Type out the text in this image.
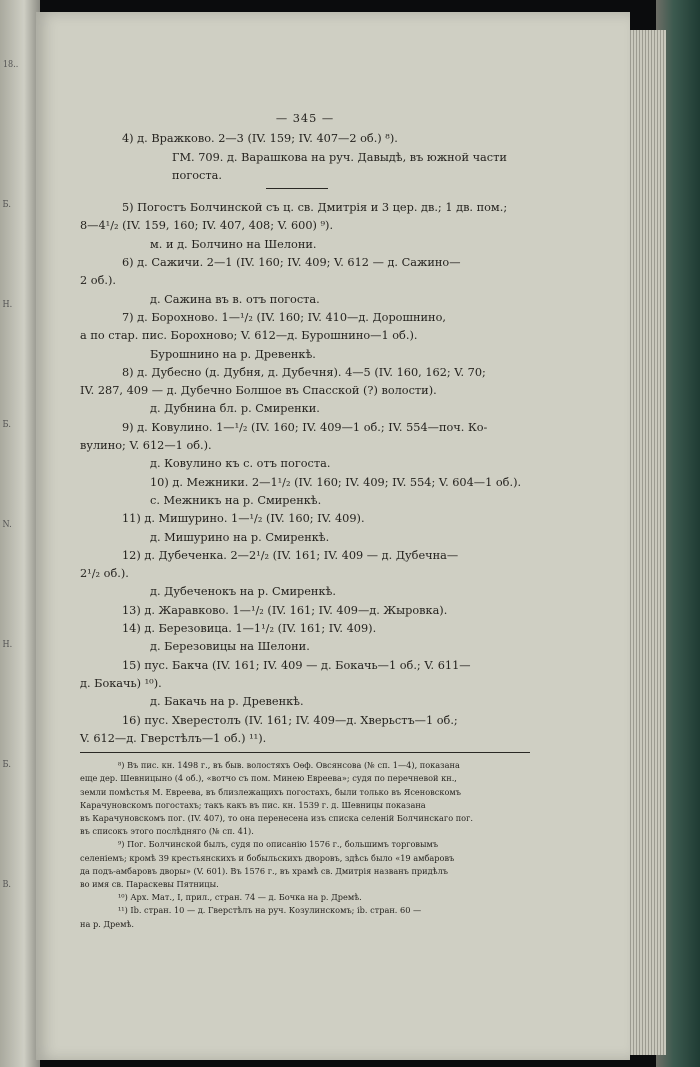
18..
Б.
Н.
Б.
N.
Н.
Б.
В.
— 345 —
4) д. Вражково. 2—3 (IV. 159; IV. 407—2 об.) ⁸).
ГМ. 709. д. Варашкова на руч. Давыдѣ, въ южной части
погоста.
5) Погостъ Болчинской съ ц. св. Дмитрія и 3 цер. дв.; 1 дв. пом.;
8—4¹/₂ (IV. 159, 160; IV. 407, 408; V. 600) ⁹).
м. и д. Болчино на Шелони.
6) д. Сажичи. 2—1 (IV. 160; IV. 409; V. 612 — д. Сажино—
2 об.).
д. Сажина въ в. отъ погоста.
7) д. Борохново. 1—¹/₂ (IV. 160; IV. 410—д. Дорошнино,
а по стар. пис. Борохново; V. 612—д. Бурошнино—1 об.).
Бурошнино на р. Древенкѣ.
8) д. Дубесно (д. Дубня, д. Дубечня). 4—5 (IV. 160, 162; V. 70;
IV. 287, 409 — д. Дубечно Болшое въ Спасской (?) волости).
д. Дубнина бл. р. Смиренки.
9) д. Ковулино. 1—¹/₂ (IV. 160; IV. 409—1 об.; IV. 554—поч. Ко-
вулино; V. 612—1 об.).
д. Ковулино къ с. отъ погоста.
10) д. Межники. 2—1¹/₂ (IV. 160; IV. 409; IV. 554; V. 604—1 об.).
с. Межникъ на р. Смиренкѣ.
11) д. Мишурино. 1—¹/₂ (IV. 160; IV. 409).
д. Мишурино на р. Смиренкѣ.
12) д. Дубеченка. 2—2¹/₂ (IV. 161; IV. 409 — д. Дубечна—
2¹/₂ об.).
д. Дубеченокъ на р. Смиренкѣ.
13) д. Жаравково. 1—¹/₂ (IV. 161; IV. 409—д. Жыровка).
14) д. Березовица. 1—1¹/₂ (IV. 161; IV. 409).
д. Березовицы на Шелони.
15) пус. Бакча (IV. 161; IV. 409 — д. Бокачь—1 об.; V. 611—
д. Бокачь) ¹⁰).
д. Бакачь на р. Древенкѣ.
16) пус. Хверестолъ (IV. 161; IV. 409—д. Хверьстъ—1 об.;
V. 612—д. Гверстѣлъ—1 об.) ¹¹).
⁸) Въ пис. кн. 1498 г., въ быв. волостяхъ Оѳф. Овсянсова (№ сп. 1—4), показана
еще дер. Шевницыно (4 об.), «вотчо съ пом. Минею Евреева»; судя по перечневой кн.,
земли помѣстья М. Евреева, въ близлежащихъ погостахъ, были только въ Ясеновскомъ
Карачуновскомъ погостахъ; такъ какъ въ пис. кн. 1539 г. д. Шевницы показана
въ Карачуновскомъ пог. (IV. 407), то она перенесена изъ списка селеній Болчинскаго пог.
въ списокъ этого послѣдняго (№ сп. 41).
⁹) Пог. Болчинской былъ, судя по описанію 1576 г., большимъ торговымъ
селеніемъ; кромѣ 39 крестьянскихъ и бобыльскихъ дворовъ, здѣсь было «19 амбаровъ
да подъ-амбаровъ дворы» (V. 601). Въ 1576 г., въ храмѣ св. Дмитрія названъ придѣлъ
во имя св. Параскевы Пятницы.
¹⁰) Арх. Мат., I, прил., стран. 74 — д. Бочка на р. Дремѣ.
¹¹) Ib. стран. 10 — д. Гверстѣлъ на руч. Козулинскомъ; ib. стран. 60 —
на р. Дремѣ.
